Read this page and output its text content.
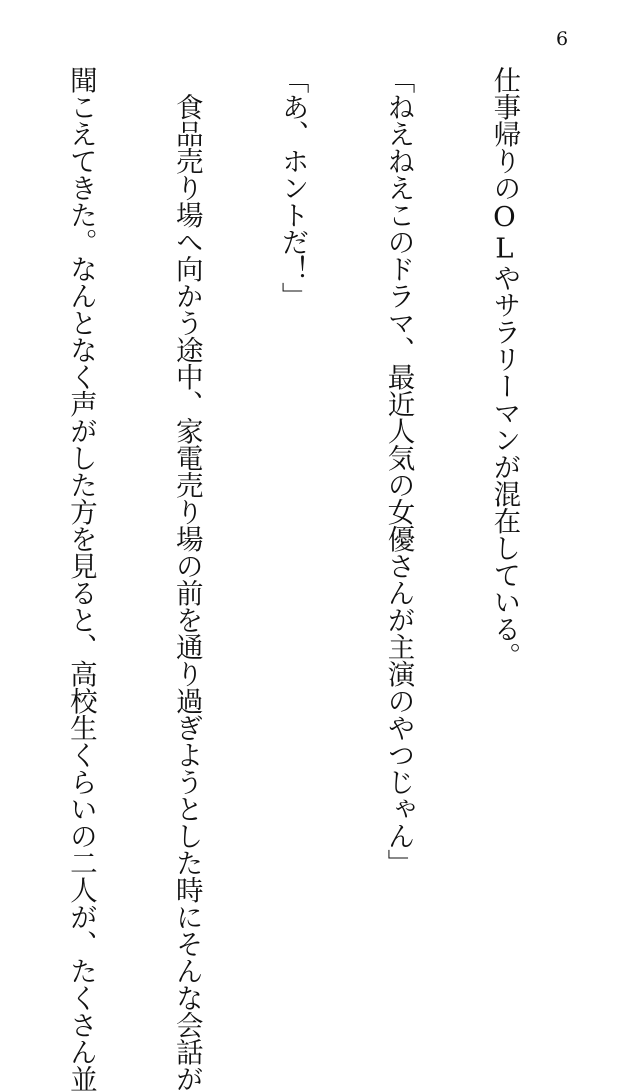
6

仕事帰りのOLやサラリーマンが混在している。

「ねえねえこのドラマ、最近人気の女優さんが主演のやつじゃん」

「あ、ホントだ！」

　食品売り場へ向かう途中、家電売り場の前を通り過ぎようとした時にそんな会話が

聞こえてきた。なんとなく声がした方を見ると、高校生くらいの二人が、たくさん並
